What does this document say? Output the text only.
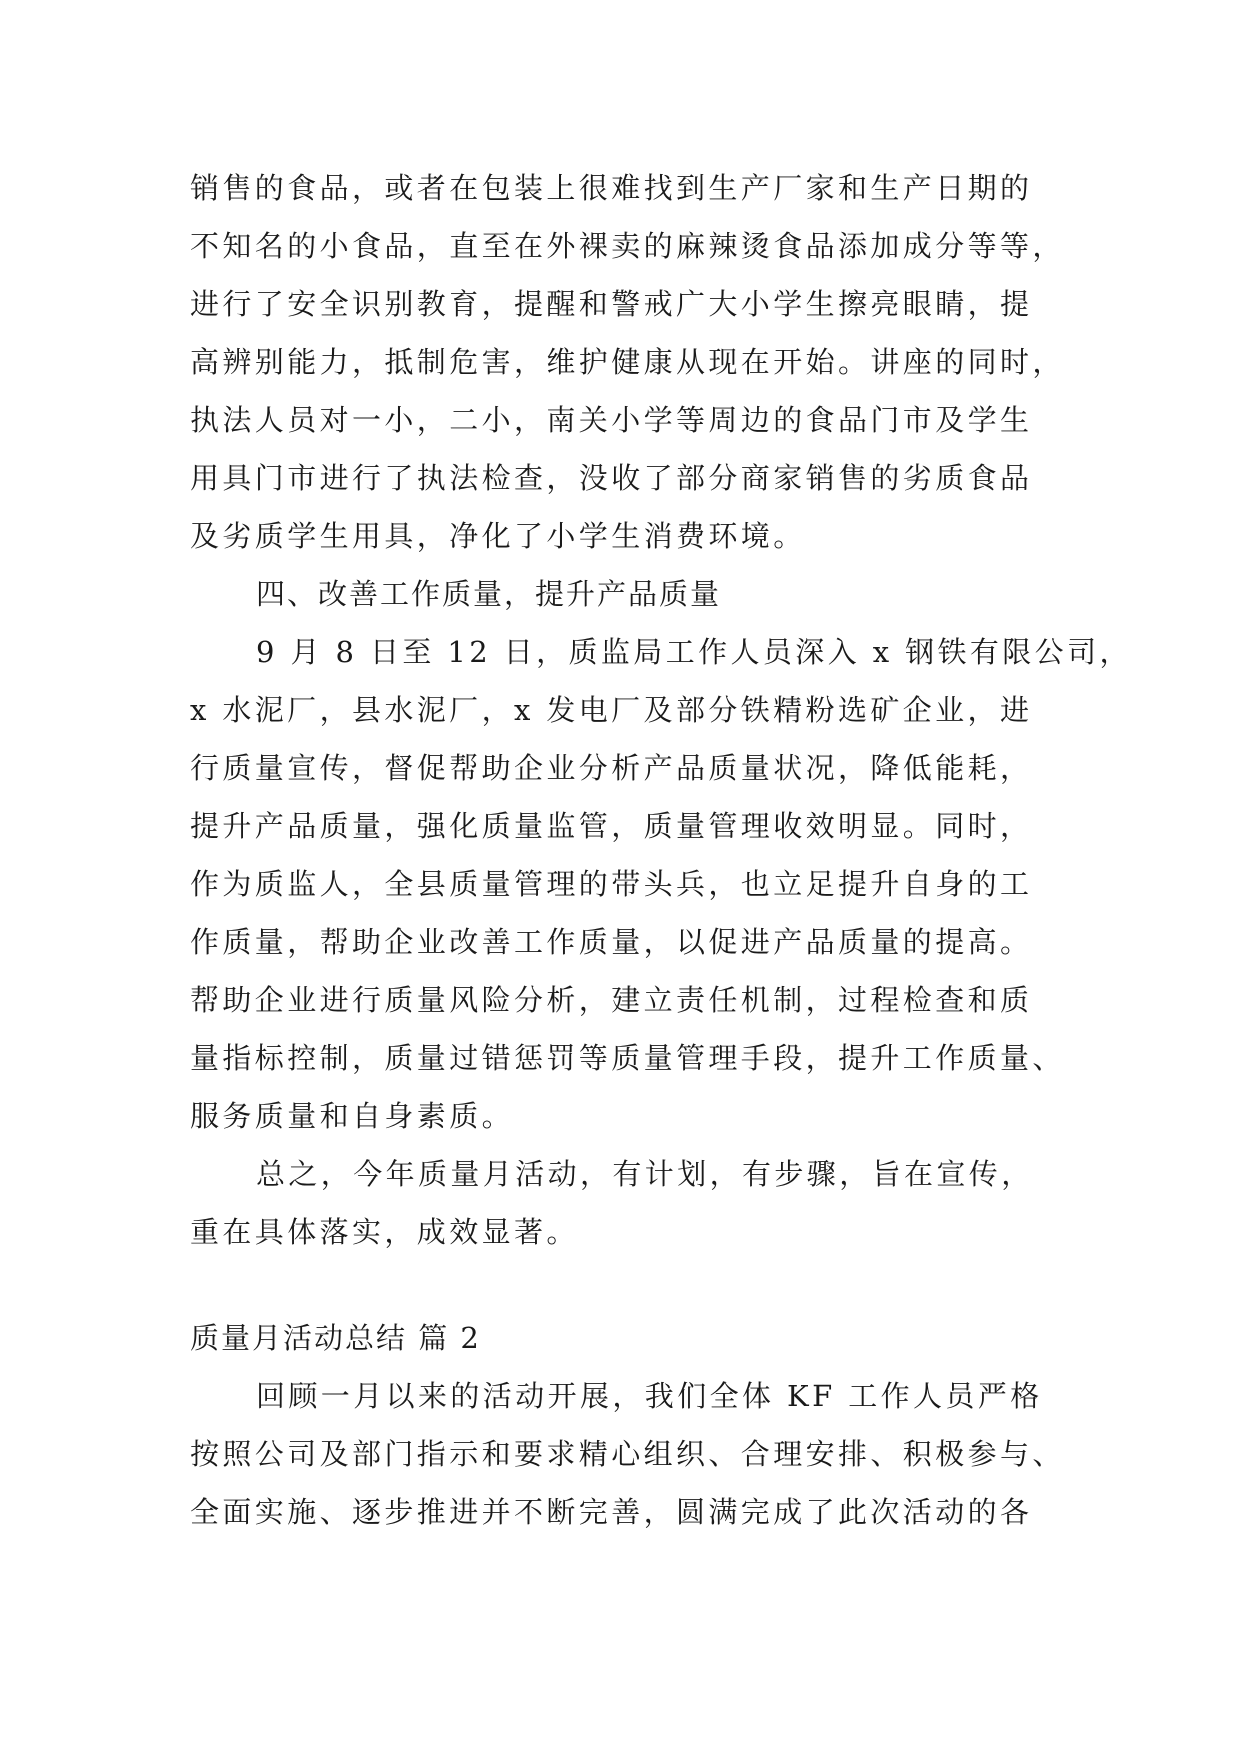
销售的食品，或者在包装上很难找到生产厂家和生产日期的
不知名的小食品，直至在外裸卖的麻辣烫食品添加成分等等，
进行了安全识别教育，提醒和警戒广大小学生擦亮眼睛，提
高辨别能力，抵制危害，维护健康从现在开始。讲座的同时，
执法人员对一小，二小，南关小学等周边的食品门市及学生
用具门市进行了执法检查，没收了部分商家销售的劣质食品
及劣质学生用具，净化了小学生消费环境。
四、改善工作质量，提升产品质量
9 月 8 日至 12 日，质监局工作人员深入 x 钢铁有限公司，
x 水泥厂，县水泥厂，x 发电厂及部分铁精粉选矿企业，进
行质量宣传，督促帮助企业分析产品质量状况，降低能耗，
提升产品质量，强化质量监管，质量管理收效明显。同时，
作为质监人，全县质量管理的带头兵，也立足提升自身的工
作质量，帮助企业改善工作质量，以促进产品质量的提高。
帮助企业进行质量风险分析，建立责任机制，过程检查和质
量指标控制，质量过错惩罚等质量管理手段，提升工作质量、
服务质量和自身素质。
总之，今年质量月活动，有计划，有步骤，旨在宣传，
重在具体落实，成效显著。
质量月活动总结 篇 2
回顾一月以来的活动开展，我们全体 KF 工作人员严格
按照公司及部门指示和要求精心组织、合理安排、积极参与、
全面实施、逐步推进并不断完善，圆满完成了此次活动的各
